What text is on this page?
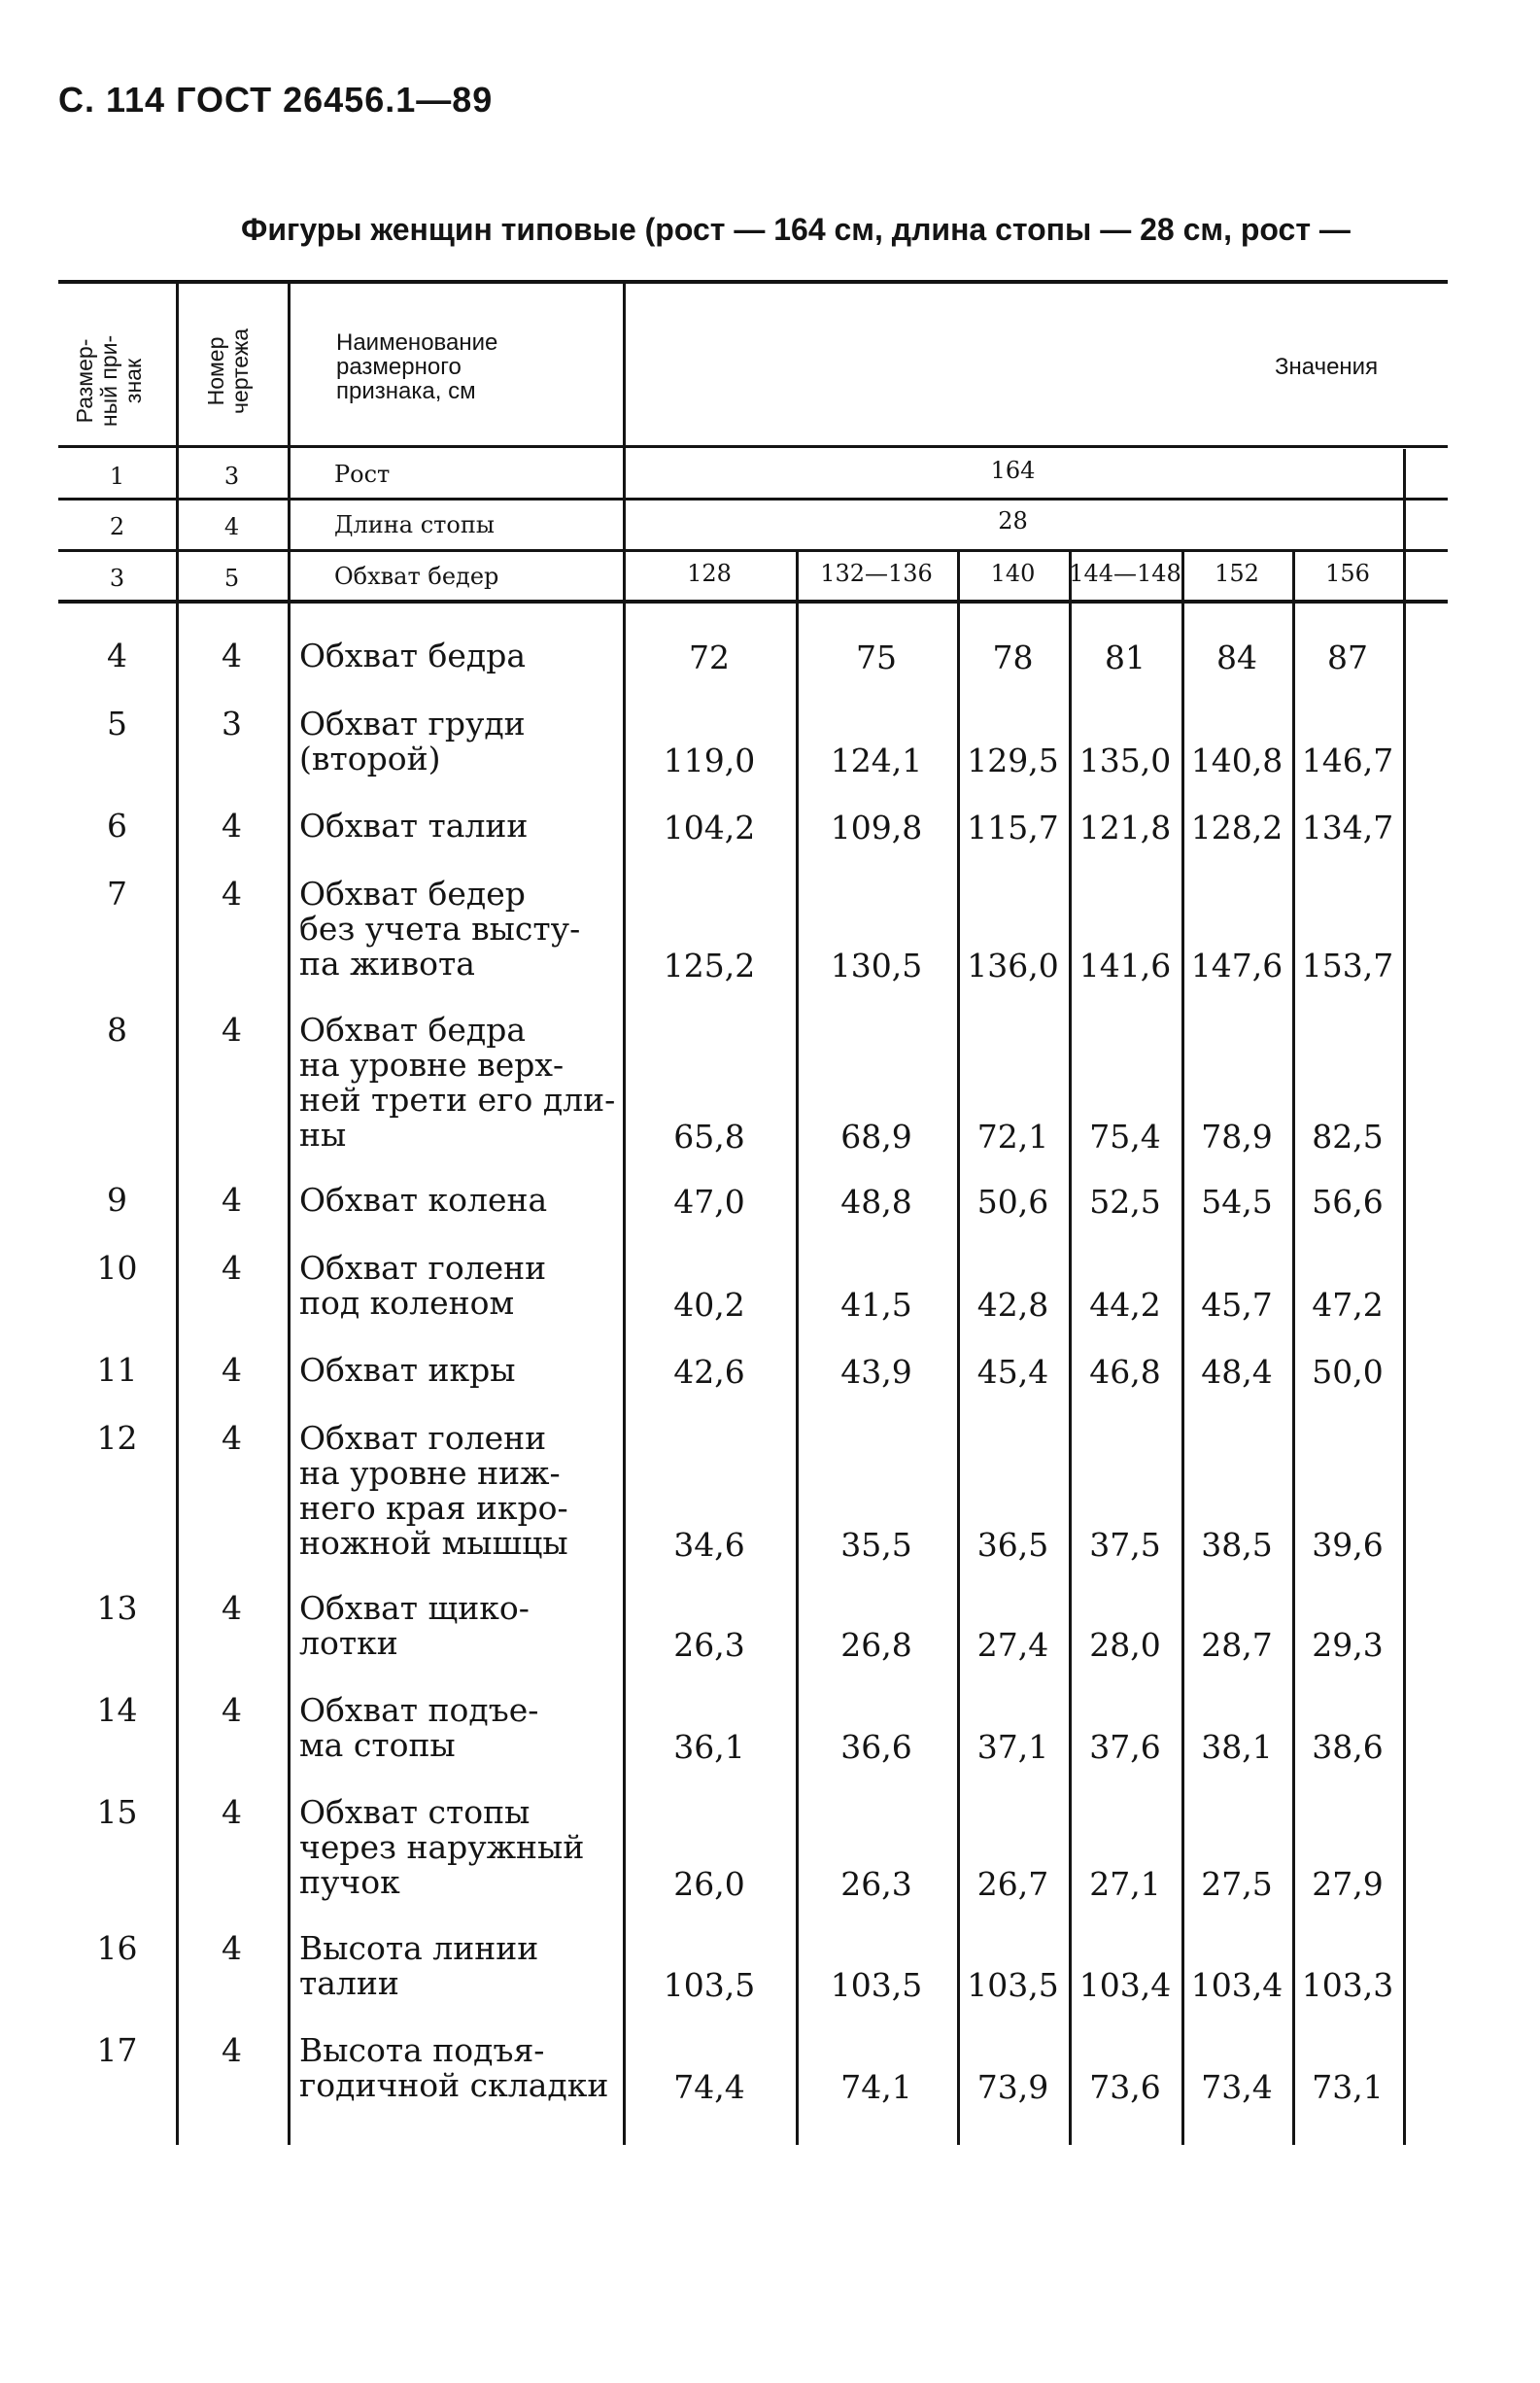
С. 114 ГОСТ 26456.1—89
Фигуры женщин типовые (рост — 164 см, длина стопы — 28 см, рост —
Размер-
ный при-
знак	Номер
чертежа	Наименование
размерного
признака, см
Значения
1	3	Рост	164
2	4	Длина стопы	28
3	5	Обхват бедер	128	132—136	140	144—148	152	156
4	4	Обхват бедра	72	75	78	81	84	87
5	3	Обхват груди
(второй)	119,0	124,1	129,5 135,0 140,8 146,7
6	4	Обхват талии	104,2	109,8	115,7 121,8 128,2 134,7
7	4	Обхват бедер
без учета высту-
па живота	125,2	130,5	136,0 141,6 147,6 153,7
8	4	Обхват бедра
на уровне верх-
ней трети его дли-
ны	65,8	68,9	72,1	75,4	78,9	82,5
9	4	Обхват колена	47,0	48,8	50,6	52,5	54,5	56,6
10	4	Обхват голени
под коленом	40,2	41,5	42,8	44,2	45,7	47,2
11	4	Обхват икры	42,6	43,9	45,4	46,8	48,4	50,0
12	4	Обхват голени
на уровне ниж-
него края икро-
ножной мышцы	34,6	35,5	36,5	37,5	38,5	39,6
13	4	Обхват щико-
лотки	26,3	26,8	27,4	28,0	28,7	29,3
14	4	Обхват подъе-
ма стопы	36,1	36,6	37,1	37,6	38,1	38,6
15	4	Обхват стопы
через наружный
пучок	26,0	26,3	26,7	27,1	27,5	27,9
16	4	Высота линии
талии	103,5	103,5	103,5 103,4 103,4 103,3
17	4	Высота подъя-
годичной складки	74,4	74,1	73,9	73,6	73,4	73,1
